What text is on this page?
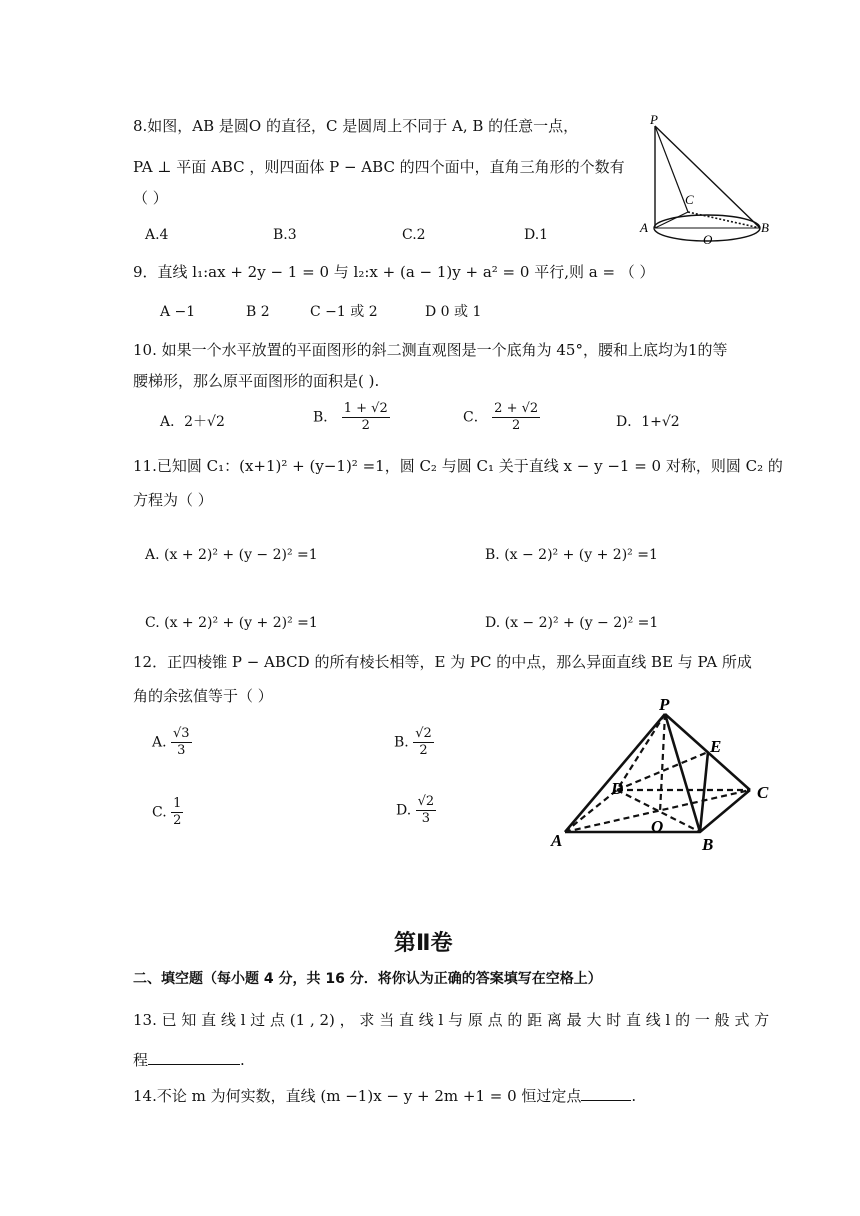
8.如图，AB 是圆O 的直径，C 是圆周上不同于 A, B 的任意一点，
PA ⊥ 平面 ABC ，则四面体 P − ABC 的四个面中，直角三角形的个数有
（ ）
A.4	B.3	C.2	D.1
P
C
A
O
B
9．直线 l₁:ax + 2y − 1 = 0 与 l₂:x + (a − 1)y + a² = 0 平行,则 a = （ ）
A −1	B 2	C −1 或 2	D 0 或 1
10. 如果一个水平放置的平面图形的斜二测直观图是一个底角为 45°，腰和上底均为1的等
腰梯形，那么原平面图形的面积是( ).
A．2＋√2	B． $\frac{1 + √2}{2}$	C． $\frac{2 + √2}{2}$	D．1+√2
11.已知圆 C₁：(x+1)² + (y−1)² =1，圆 C₂ 与圆 C₁ 关于直线 x − y −1 = 0 对称，则圆 C₂ 的
方程为（ ）
A. (x + 2)² + (y − 2)² =1	B. (x − 2)² + (y + 2)² =1
C. (x + 2)² + (y + 2)² =1	D. (x − 2)² + (y − 2)² =1
12．正四棱锥 P − ABCD 的所有棱长相等，E 为 PC 的中点，那么异面直线 BE 与 PA 所成
角的余弦值等于（ ）
A. $\frac{√3}{3}$	B. $\frac{√2}{2}$
C. $\frac{1}{2}$	D. $\frac{√2}{3}$
P
E
D	C
O
A	B
第Ⅱ卷
二、填空题（每小题 4 分，共 16 分．将你认为正确的答案填写在空格上）
13. 已 知 直 线 l 过 点 (1 , 2) ， 求 当 直 线 l 与 原 点 的 距 离 最 大 时 直 线 l 的 一 般 式 方
程	.
14.不论 m 为何实数，直线 (m −1)x − y + 2m +1 = 0 恒过定点	.
